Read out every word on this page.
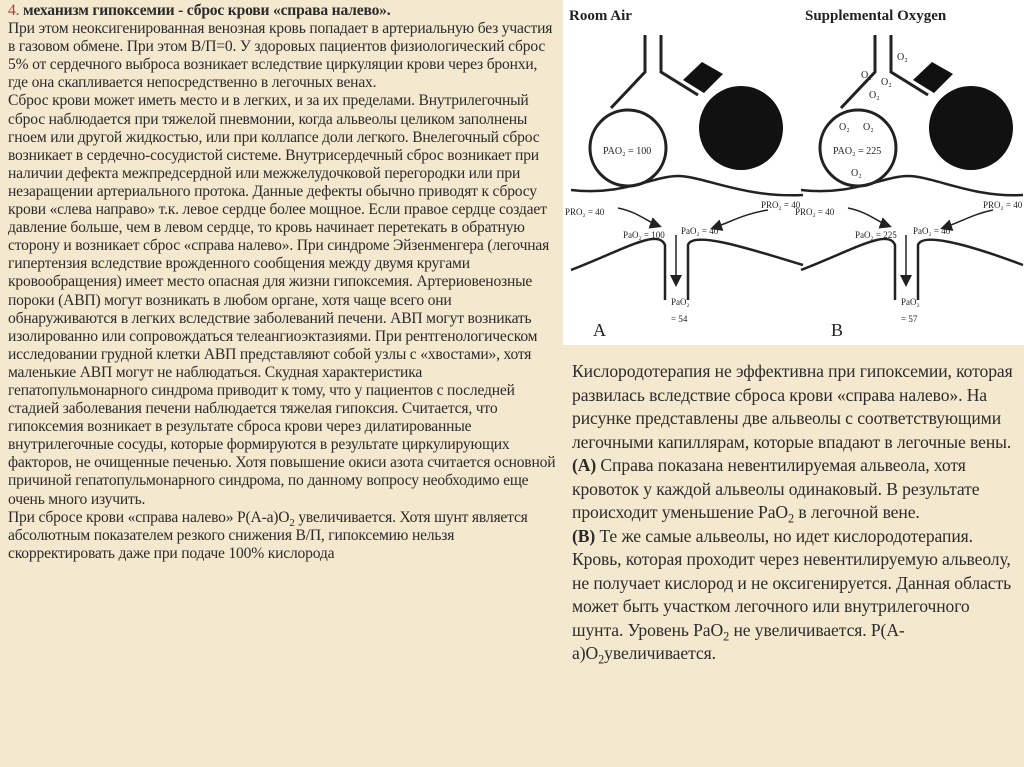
4. механизм гипоксемии - сброс крови «справа налево».

При этом неоксигенированная венозная кровь попадает в артериальную без участия в газовом обмене. При этом В/П=0. У здоровых пациентов физиологический сброс 5% от сердечного выброса возникает вследствие циркуляции крови через бронхи, где она скапливается непосредственно в легочных венах.

Сброс крови может иметь место и в легких, и за их пределами. Внутрилегочный сброс наблюдается при тяжелой пневмонии, когда альвеолы целиком заполнены гноем или другой жидкостью, или при коллапсе доли легкого. Внелегочный сброс возникает в сердечно-сосудистой системе. Внутрисердечный сброс возникает при наличии дефекта межпредсердной или межжелудочковой перегородки или при незаращении артериального протока. Данные дефекты обычно приводят к сбросу крови «слева направо» т.к. левое сердце более мощное. Если правое сердце создает давление больше, чем в левом сердце, то кровь начинает перетекать в обратную сторону и возникает сброс «справа налево». При синдроме Эйзенменгера (легочная гипертензия вследствие врожденного сообщения между двумя кругами кровообращения) имеет место опасная для жизни гипоксемия. Артериовенозные пороки (АВП) могут возникать в любом органе, хотя чаще всего они обнаруживаются в легких вследствие заболеваний печени. АВП могут возникать изолированно или сопровождаться телеангиоэктазиями. При рентгенологическом исследовании грудной клетки АВП представляют собой узлы с «хвостами», хотя маленькие АВП могут не наблюдаться. Скудная характеристика гепатопульмонарного синдрома приводит к тому, что у пациентов с последней стадией заболевания печени наблюдается тяжелая гипоксия. Считается, что гипоксемия возникает в результате сброса крови через дилатированные внутрилегочные сосуды, которые формируются в результате циркулирующих факторов, не очищенные печенью. Хотя повышение окиси азота считается основной причиной гепатопульмонарного синдрома, по данному вопросу необходимо еще очень много изучить.

При сбросе крови «справа налево» $P(A-a)O_2$ увеличивается. Хотя шунт является абсолютным показателем резкого снижения В/П, гипоксемию нельзя скорректировать даже при подаче 100% кислорода

Room Air
PAO₂ = 100
PRO₂ = 40
PRO₂ = 40
PaO₂ = 100 PaO₂ = 40
PaO₂
= 54
A
Supplemental Oxygen
O₂
O₂
O₂
O₂
O₂ O₂
PAO₂ = 225
O₂
PRO₂ = 40
PRO₂ = 40
PaO₂ = 225 PaO₂ = 40
PaO₂
= 57
B

Кислородотерапия не эффективна при гипоксемии, которая развилась вследствие сброса крови «справа налево». На рисунке представлены две альвеолы с соответствующими легочными капиллярам, которые впадают в легочные вены.

(А) Справа показана невентилируемая альвеола, хотя кровоток у каждой альвеолы одинаковый. В результате происходит уменьшение PaO$_2$ в легочной вене.

(В) Те же самые альвеолы, но идет кислородотерапия. Кровь, которая проходит через невентилируемую альвеолу, не получает кислород и не оксигенируется. Данная область может быть участком легочного или внутрилегочного шунта. Уровень PaO$_2$ не увеличивается. $P(A-a)O_2увеличивается$.
